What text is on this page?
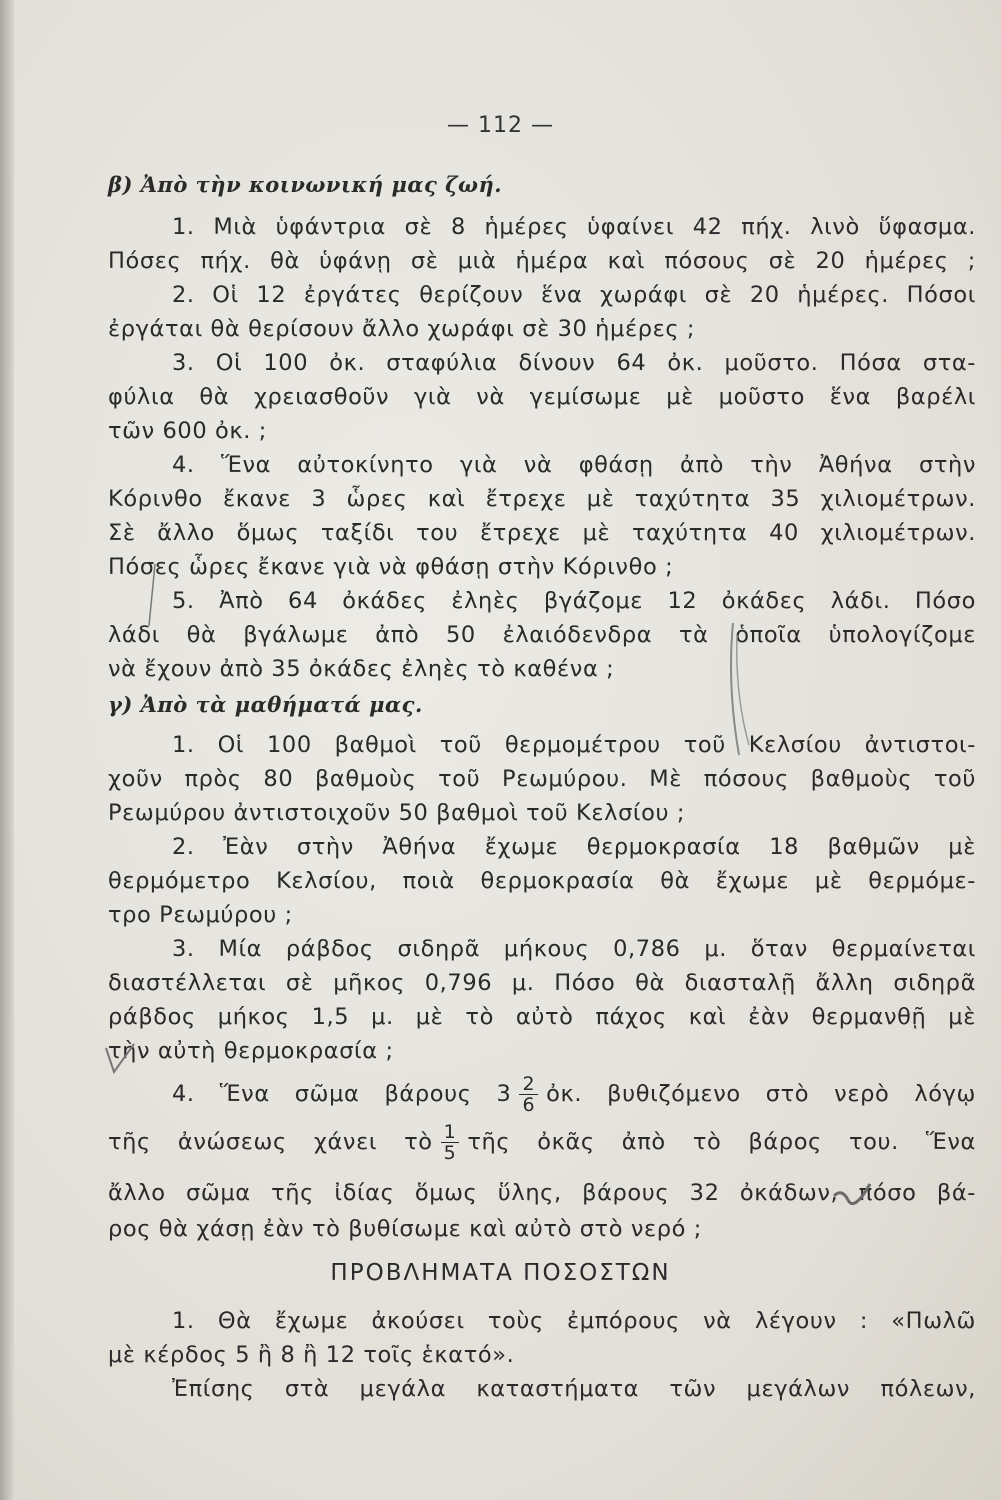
— 112 —
β) Ἀπὸ τὴν κοινωνική μας ζωή.
1. Μιὰ ὑφάντρια σὲ 8 ἡμέρες ὑφαίνει 42 πήχ. λινὸ ὕφασμα.
Πόσες πήχ. θὰ ὑφάνῃ σὲ μιὰ ἡμέρα καὶ πόσους σὲ 20 ἡμέρες ;
2. Οἱ 12 ἐργάτες θερίζουν ἕνα χωράφι σὲ 20 ἡμέρες. Πόσοι
ἐργάται θὰ θερίσουν ἄλλο χωράφι σὲ 30 ἡμέρες ;
3. Οἱ 100 ὀκ. σταφύλια δίνουν 64 ὀκ. μοῦστο. Πόσα στα-
φύλια θὰ χρειασθοῦν γιὰ νὰ γεμίσωμε μὲ μοῦστο ἕνα βαρέλι
τῶν 600 ὀκ. ;
4. Ἕνα αὐτοκίνητο γιὰ νὰ φθάσῃ ἀπὸ τὴν Ἀθήνα στὴν
Κόρινθο ἔκανε 3 ὧρες καὶ ἔτρεχε μὲ ταχύτητα 35 χιλιομέτρων.
Σὲ ἄλλο ὅμως ταξίδι του ἔτρεχε μὲ ταχύτητα 40 χιλιομέτρων.
Πόσες ὧρες ἔκανε γιὰ νὰ φθάσῃ στὴν Κόρινθο ;
5. Ἀπὸ 64 ὀκάδες ἐληὲς βγάζομε 12 ὀκάδες λάδι. Πόσο
λάδι θὰ βγάλωμε ἀπὸ 50 ἐλαιόδενδρα τὰ ὁποῖα ὑπολογίζομε
νὰ ἔχουν ἀπὸ 35 ὀκάδες ἐληὲς τὸ καθένα ;
γ) Ἀπὸ τὰ μαθήματά μας.
1. Οἱ 100 βαθμοὶ τοῦ θερμομέτρου τοῦ Κελσίου ἀντιστοι-
χοῦν πρὸς 80 βαθμοὺς τοῦ Ρεωμύρου. Μὲ πόσους βαθμοὺς τοῦ
Ρεωμύρου ἀντιστοιχοῦν 50 βαθμοὶ τοῦ Κελσίου ;
2. Ἐὰν στὴν Ἀθήνα ἔχωμε θερμοκρασία 18 βαθμῶν μὲ
θερμόμετρο Κελσίου, ποιὰ θερμοκρασία θὰ ἔχωμε μὲ θερμόμε-
τρο Ρεωμύρου ;
3. Μία ράβδος σιδηρᾶ μήκους 0,786 μ. ὅταν θερμαίνεται
διαστέλλεται σὲ μῆκος 0,796 μ. Πόσο θὰ διασταλῇ ἄλλη σιδηρᾶ
ράβδος μήκος 1,5 μ. μὲ τὸ αὐτὸ πάχος καὶ ἐὰν θερμανθῇ μὲ
τὴν αὐτὴ θερμοκρασία ;
4. Ἕνα σῶμα βάρους $3 \frac{2}{6}$ ὀκ. βυθιζόμενο στὸ νερὸ λόγῳ
τῆς ἀνώσεως χάνει τὸ $\frac{1}{5}$ τῆς ὀκᾶς ἀπὸ τὸ βάρος του. Ἕνα
ἄλλο σῶμα τῆς ἰδίας ὅμως ὕλης, βάρους 32 ὀκάδων, πόσο βά-
ρος θὰ χάσῃ ἐὰν τὸ βυθίσωμε καὶ αὐτὸ στὸ νερό ;
ΠΡΟΒΛΗΜΑΤΑ ΠΟΣΟΣΤΩΝ
1. Θὰ ἔχωμε ἀκούσει τοὺς ἐμπόρους νὰ λέγουν : «Πωλῶ
μὲ κέρδος 5 ἢ 8 ἢ 12 τοῖς ἑκατό».
Ἐπίσης στὰ μεγάλα καταστήματα τῶν μεγάλων πόλεων,
